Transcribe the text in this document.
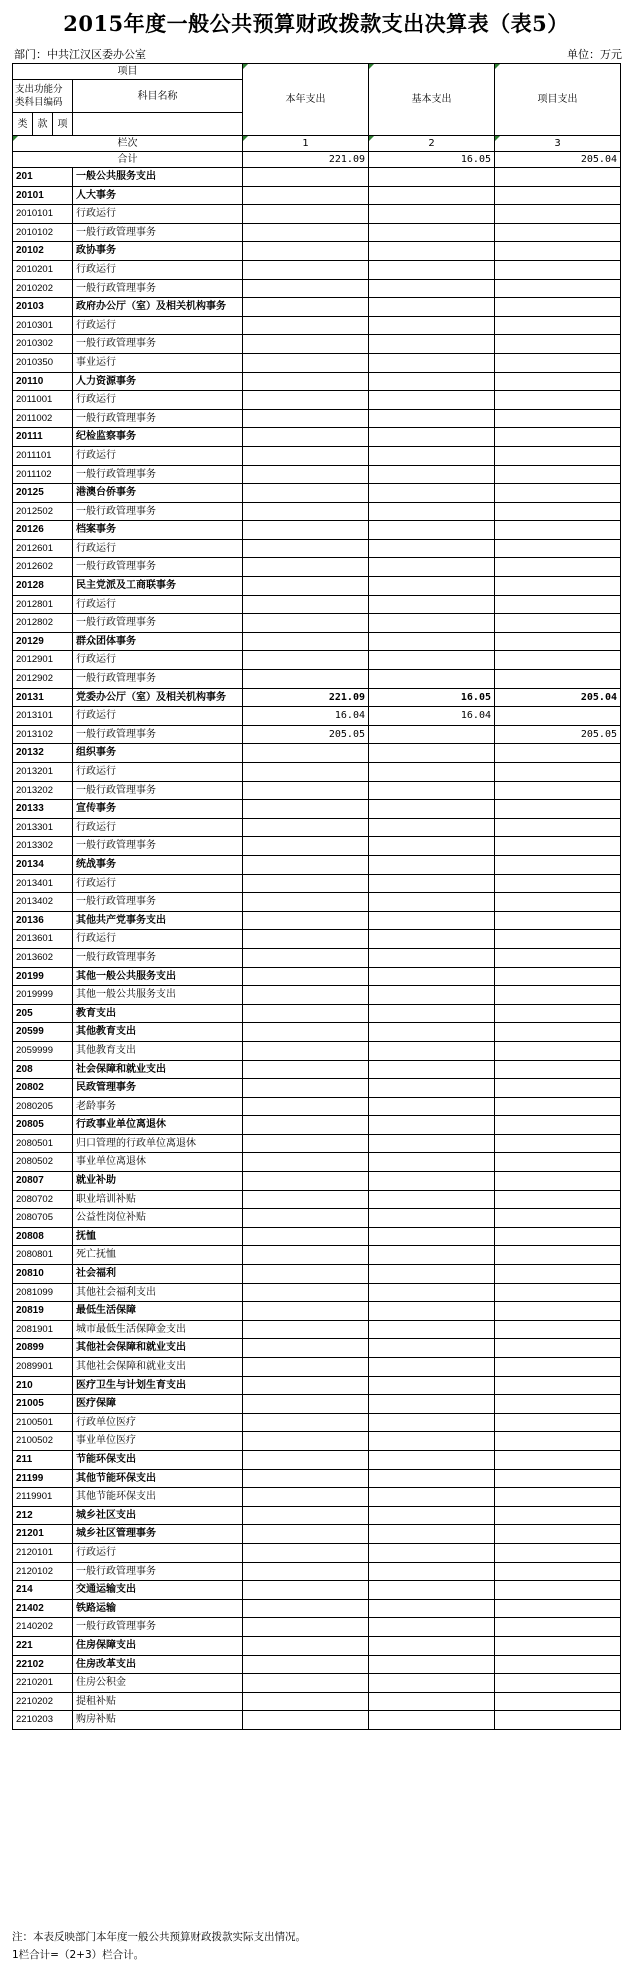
2015年度一般公共预算财政拨款支出决算表（表5）
部门：中共江汉区委办公室	单位：万元
项目				本年支出	基本支出	项目支出
支出功能分类科目编码			科目名称			
类	款	项				
栏次				1	2	3
合计				221.09	16.05	205.04
201			一般公共服务支出			
20101			人大事务			
2010101			行政运行			
2010102			一般行政管理事务			
20102			政协事务			
2010201			行政运行			
2010202			一般行政管理事务			
20103			政府办公厅（室）及相关机构事务			
2010301			行政运行			
2010302			一般行政管理事务			
2010350			事业运行			
20110			人力资源事务			
2011001			行政运行			
2011002			一般行政管理事务			
20111			纪检监察事务			
2011101			行政运行			
2011102			一般行政管理事务			
20125			港澳台侨事务			
2012502			一般行政管理事务			
20126			档案事务			
2012601			行政运行			
2012602			一般行政管理事务			
20128			民主党派及工商联事务			
2012801			行政运行			
2012802			一般行政管理事务			
20129			群众团体事务			
2012901			行政运行			
2012902			一般行政管理事务			
20131			党委办公厅（室）及相关机构事务	221.09	16.05	205.04
2013101			行政运行	16.04	16.04	
2013102			一般行政管理事务	205.05		205.05
20132			组织事务			
2013201			行政运行			
2013202			一般行政管理事务			
20133			宣传事务			
2013301			行政运行			
2013302			一般行政管理事务			
20134			统战事务			
2013401			行政运行			
2013402			一般行政管理事务			
20136			其他共产党事务支出			
2013601			行政运行			
2013602			一般行政管理事务			
20199			其他一般公共服务支出			
2019999			其他一般公共服务支出			
205			教育支出			
20599			其他教育支出			
2059999			其他教育支出			
208			社会保障和就业支出			
20802			民政管理事务			
2080205			老龄事务			
20805			行政事业单位离退休			
2080501			归口管理的行政单位离退休			
2080502			事业单位离退休			
20807			就业补助			
2080702			职业培训补贴			
2080705			公益性岗位补贴			
20808			抚恤			
2080801			死亡抚恤			
20810			社会福利			
2081099			其他社会福利支出			
20819			最低生活保障			
2081901			城市最低生活保障金支出			
20899			其他社会保障和就业支出			
2089901			其他社会保障和就业支出			
210			医疗卫生与计划生育支出			
21005			医疗保障			
2100501			行政单位医疗			
2100502			事业单位医疗			
211			节能环保支出			
21199			其他节能环保支出			
2119901			其他节能环保支出			
212			城乡社区支出			
21201			城乡社区管理事务			
2120101			行政运行			
2120102			一般行政管理事务			
214			交通运输支出			
21402			铁路运输			
2140202			一般行政管理事务			
221			住房保障支出			
22102			住房改革支出			
2210201			住房公积金			
2210202			提租补贴			
2210203			购房补贴			
注：本表反映部门本年度一般公共预算财政拨款实际支出情况。
1栏合计=（2+3）栏合计。
